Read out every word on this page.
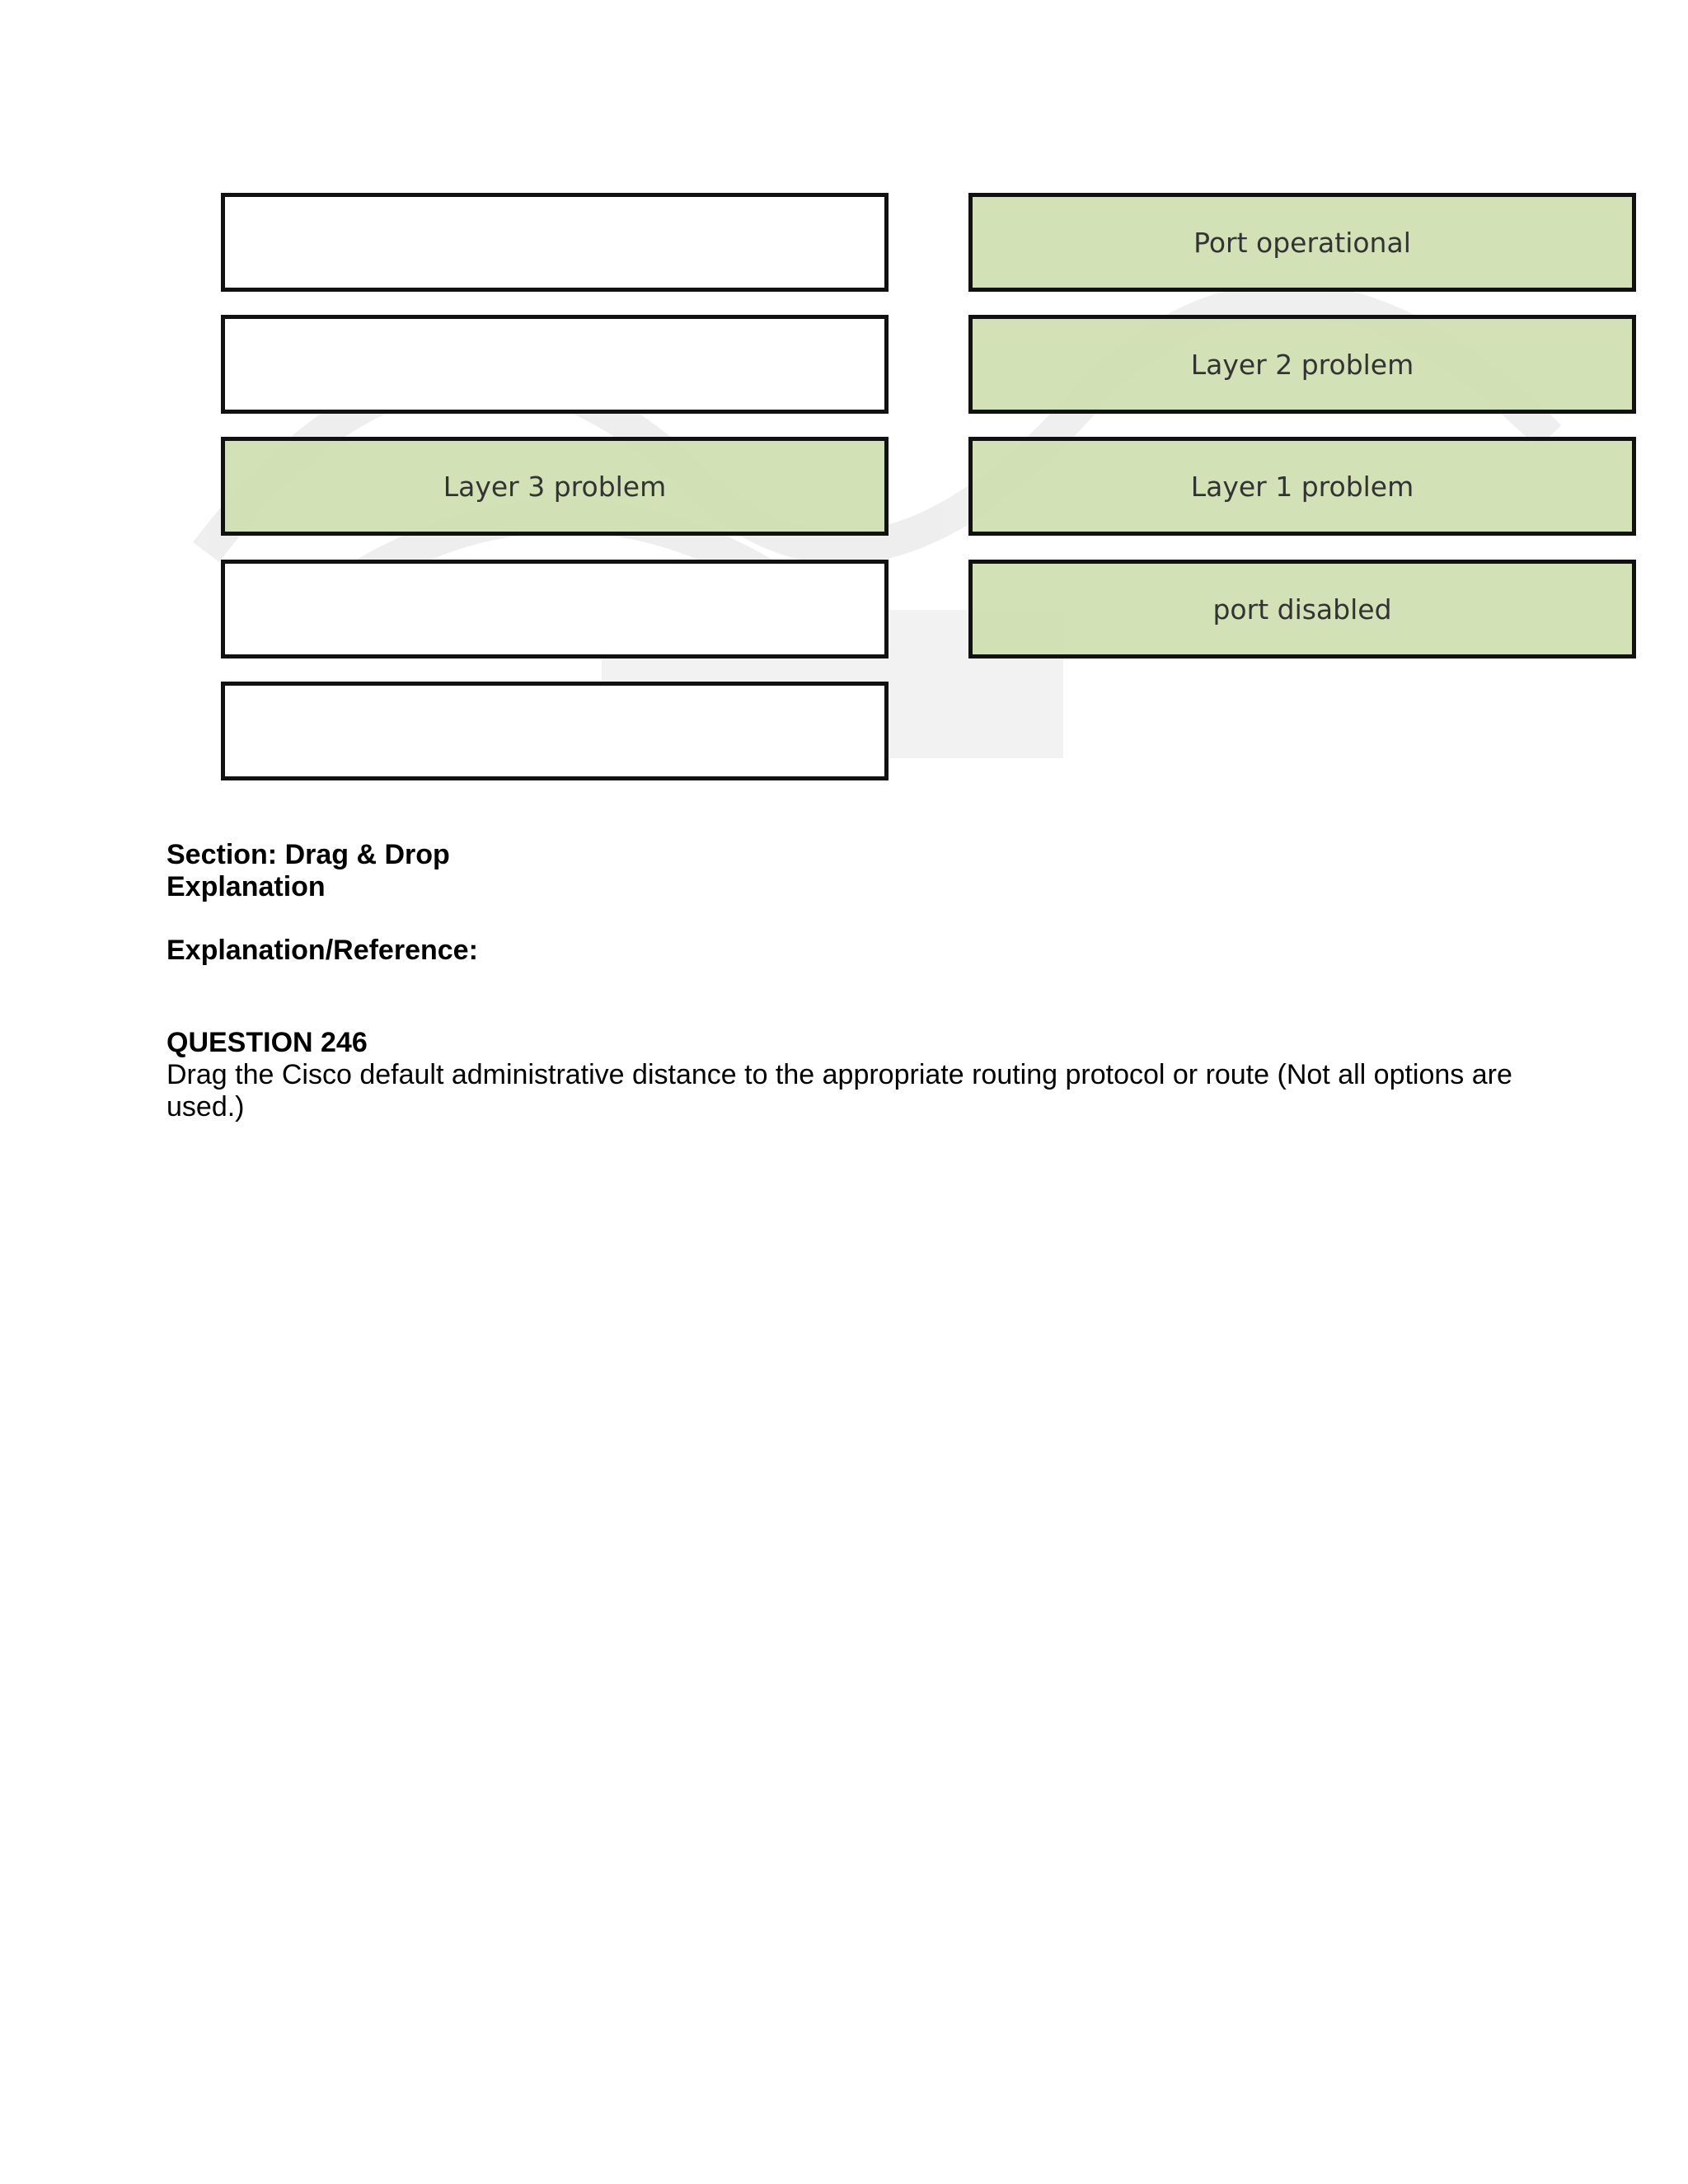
Layer 3 problem
Port operational
Layer 2 problem
Layer 1 problem
port disabled
Section: Drag & Drop
Explanation
Explanation/Reference:
QUESTION 246
Drag the Cisco default administrative distance to the appropriate routing protocol or route (Not all options are used.)
